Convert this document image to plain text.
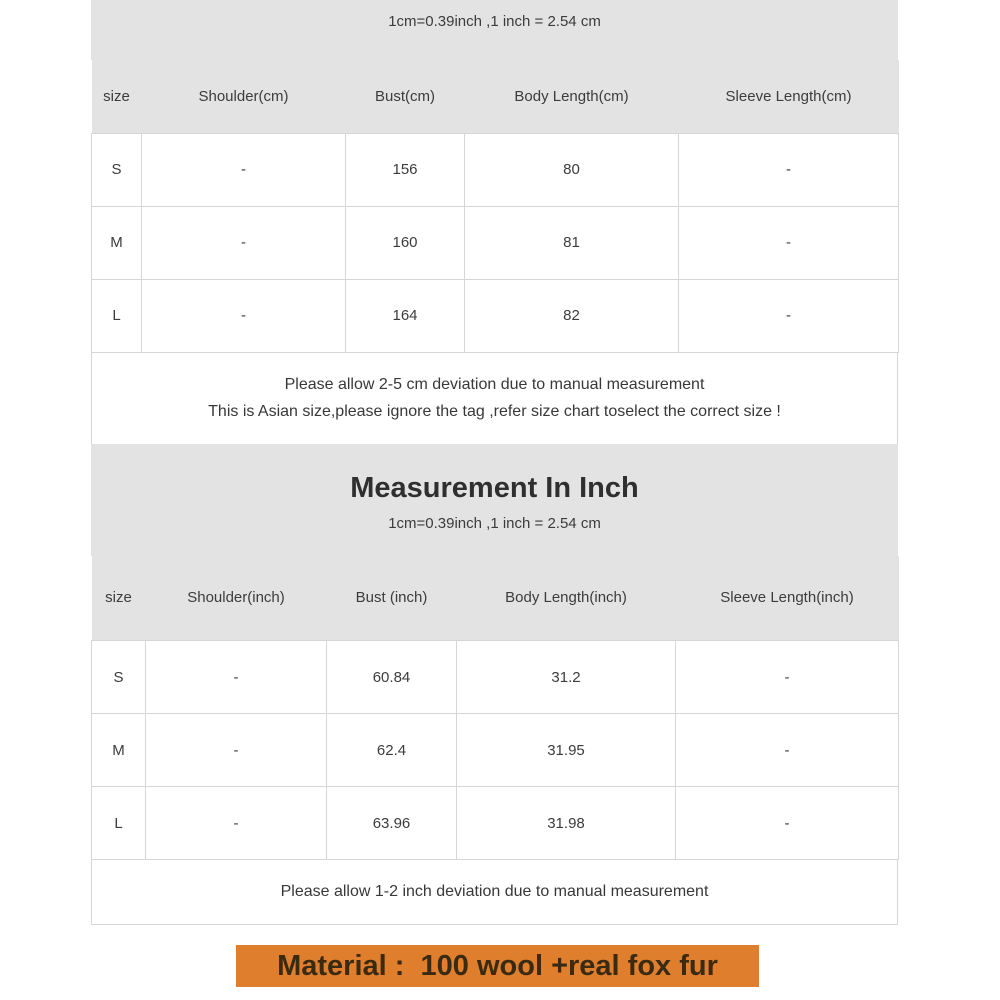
1cm=0.39inch ,1 inch = 2.54 cm
size	Shoulder(cm)	Bust(cm)	Body Length(cm)	Sleeve Length(cm)
S	-	156	80	-
M	-	160	81	-
L	-	164	82	-
Please allow 2-5 cm deviation due to manual measurement
This is Asian size,please ignore the tag ,refer size chart toselect the correct size !
Measurement In Inch
1cm=0.39inch ,1 inch = 2.54 cm
size	Shoulder(inch)	Bust (inch)	Body Length(inch)	Sleeve Length(inch)
S	-	60.84	31.2	-
M	-	62.4	31.95	-
L	-	63.96	31.98	-
Please allow 1-2 inch deviation due to manual measurement
Material :  100 wool +real fox fur
